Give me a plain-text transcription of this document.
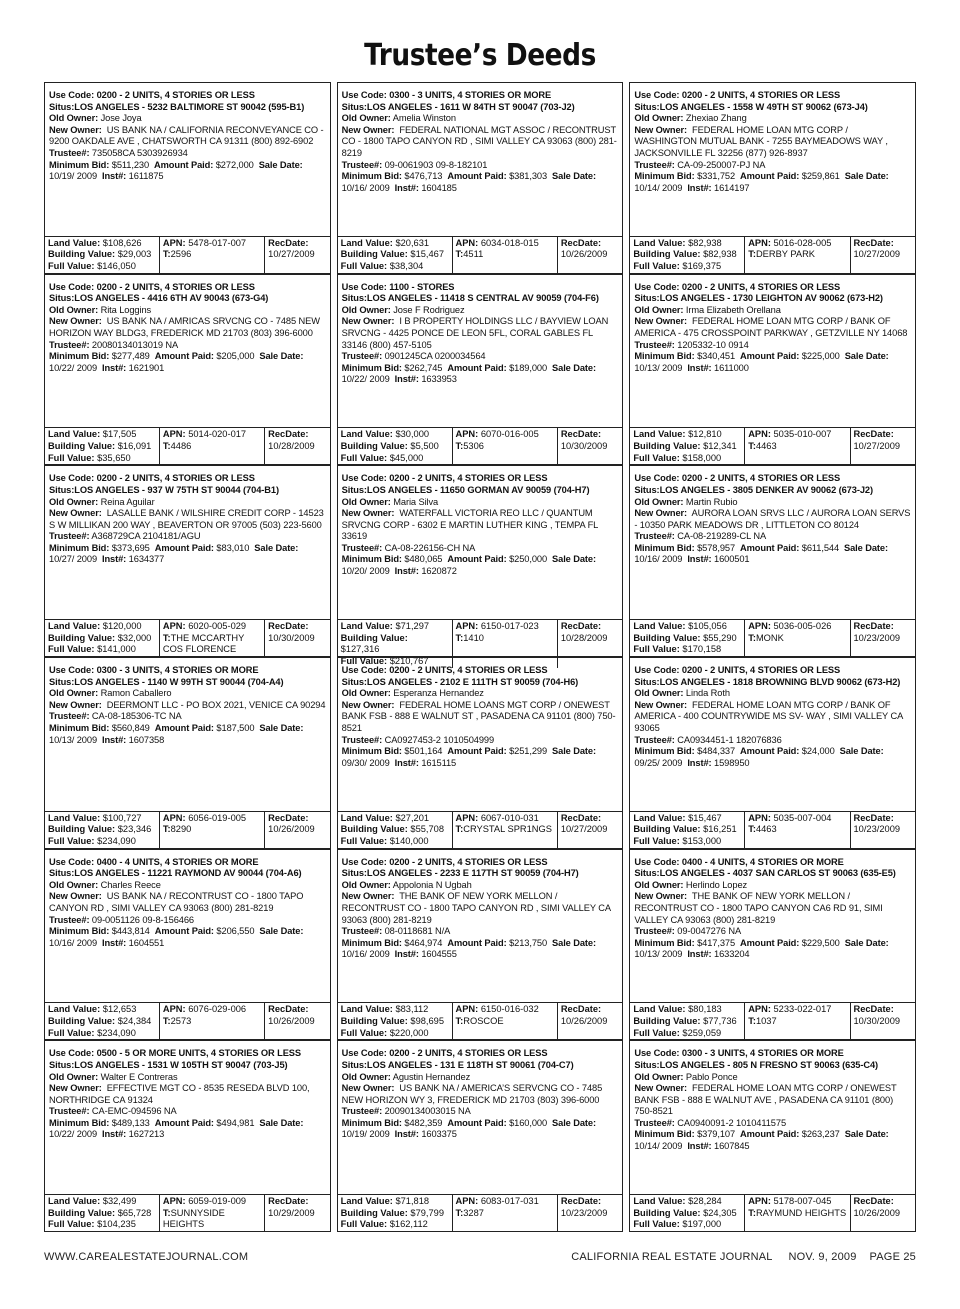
Trustee’s Deeds
Use Code: 0200 - 2 UNITS, 4 STORIES OR LESS
Situs:LOS ANGELES - 5232 BALTIMORE ST 90042 (595-B1)
Old Owner: Jose Joya
New Owner: US BANK NA / CALIFORNIA RECONVEYANCE CO - 9200 OAKDALE AVE , CHATSWORTH CA 91311 (800) 892-6902
Trustee#: 735058CA 5303926934
Minimum Bid: $511,230 Amount Paid: $272,000 Sale Date: 10/19/ 2009 Inst#: 1611875
Land Value: $108,626
Building Value: $29,003
Full Value: $146,050
APN: 5478-017-007
T:2596
RecDate:
10/27/2009
Use Code: 0300 - 3 UNITS, 4 STORIES OR MORE
Situs:LOS ANGELES - 1611 W 84TH ST 90047 (703-J2)
Old Owner: Amelia Winston
New Owner: FEDERAL NATIONAL MGT ASSOC / RECONTRUST CO - 1800 TAPO CANYON RD , SIMI VALLEY CA 93063 (800) 281-8219
Trustee#: 09-0061903 09-8-182101
Minimum Bid: $476,713 Amount Paid: $381,303 Sale Date: 10/16/ 2009 Inst#: 1604185
Land Value: $20,631
Building Value: $15,467
Full Value: $38,304
APN: 6034-018-015
T:4511
RecDate:
10/26/2009
Use Code: 0200 - 2 UNITS, 4 STORIES OR LESS
Situs:LOS ANGELES - 1558 W 49TH ST 90062 (673-J4)
Old Owner: Zhexiao Zhang
New Owner: FEDERAL HOME LOAN MTG CORP / WASHINGTON MUTUAL BANK - 7255 BAYMEADOWS WAY , JACKSONVILLE FL 32256 (877) 926-8937
Trustee#: CA-09-250007-PJ NA
Minimum Bid: $331,752 Amount Paid: $259,861 Sale Date: 10/14/ 2009 Inst#: 1614197
Land Value: $82,938
Building Value: $82,938
Full Value: $169,375
APN: 5016-028-005
T:DERBY PARK
RecDate:
10/27/2009
Use Code: 0200 - 2 UNITS, 4 STORIES OR LESS
Situs:LOS ANGELES - 4416 6TH AV 90043 (673-G4)
Old Owner: Rita Loggins
New Owner: US BANK NA / AMRICAS SRVCNG CO - 7485 NEW HORIZON WAY BLDG3, FREDERICK MD 21703 (803) 396-6000
Trustee#: 20080134013019 NA
Minimum Bid: $277,489 Amount Paid: $205,000 Sale Date: 10/22/ 2009 Inst#: 1621901
Land Value: $17,505
Building Value: $16,091
Full Value: $35,650
APN: 5014-020-017
T:4486
RecDate:
10/28/2009
Use Code: 1100 - STORES
Situs:LOS ANGELES - 11418 S CENTRAL AV 90059 (704-F6)
Old Owner: Jose F Rodriguez
New Owner: I B PROPERTY HOLDINGS LLC / BAYVIEW LOAN SRVCNG - 4425 PONCE DE LEON 5FL, CORAL GABLES FL 33146 (800) 457-5105
Trustee#: 0901245CA 0200034564
Minimum Bid: $262,745 Amount Paid: $189,000 Sale Date: 10/22/ 2009 Inst#: 1633953
Land Value: $30,000
Building Value: $5,500
Full Value: $45,000
APN: 6070-016-005
T:5306
RecDate:
10/30/2009
Use Code: 0200 - 2 UNITS, 4 STORIES OR LESS
Situs:LOS ANGELES - 1730 LEIGHTON AV 90062 (673-H2)
Old Owner: Irma Elizabeth Orellana
New Owner: FEDERAL HOME LOAN MTG CORP / BANK OF AMERICA - 475 CROSSPOINT PARKWAY , GETZVILLE NY 14068
Trustee#: 1205332-10 0914
Minimum Bid: $340,451 Amount Paid: $225,000 Sale Date: 10/13/ 2009 Inst#: 1611000
Land Value: $12,810
Building Value: $12,341
Full Value: $158,000
APN: 5035-010-007
T:4463
RecDate:
10/27/2009
Use Code: 0200 - 2 UNITS, 4 STORIES OR LESS
Situs:LOS ANGELES - 937 W 75TH ST 90044 (704-B1)
Old Owner: Reina Aguilar
New Owner: LASALLE BANK / WILSHIRE CREDIT CORP - 14523 S W MILLIKAN 200 WAY , BEAVERTON OR 97005 (503) 223-5600
Trustee#: A368729CA 2104181/AGU
Minimum Bid: $373,695 Amount Paid: $83,010 Sale Date: 10/27/ 2009 Inst#: 1634377
Land Value: $120,000
Building Value: $32,000
Full Value: $141,000
APN: 6020-005-029
T:THE MCCARTHY COS FLORENCE
RecDate:
10/30/2009
Use Code: 0200 - 2 UNITS, 4 STORIES OR LESS
Situs:LOS ANGELES - 11650 GORMAN AV 90059 (704-H7)
Old Owner: Maria Silva
New Owner: WATERFALL VICTORIA REO LLC / QUANTUM SRVCNG CORP - 6302 E MARTIN LUTHER KING , TEMPA FL 33619
Trustee#: CA-08-226156-CH NA
Minimum Bid: $480,065 Amount Paid: $250,000 Sale Date: 10/20/ 2009 Inst#: 1620872
Land Value: $71,297
Building Value: $127,316
Full Value: $210,767
APN: 6150-017-023
T:1410
RecDate:
10/28/2009
Use Code: 0200 - 2 UNITS, 4 STORIES OR LESS
Situs:LOS ANGELES - 3805 DENKER AV 90062 (673-J2)
Old Owner: Martin Rubio
New Owner: AURORA LOAN SRVS LLC / AURORA LOAN SERVS - 10350 PARK MEADOWS DR , LITTLETON CO 80124
Trustee#: CA-08-219289-CL NA
Minimum Bid: $578,957 Amount Paid: $611,544 Sale Date: 10/16/ 2009 Inst#: 1600501
Land Value: $105,056
Building Value: $55,290
Full Value: $170,158
APN: 5036-005-026
T:MONK
RecDate:
10/23/2009
Use Code: 0300 - 3 UNITS, 4 STORIES OR MORE
Situs:LOS ANGELES - 1140 W 99TH ST 90044 (704-A4)
Old Owner: Ramon Caballero
New Owner: DEERMONT LLC - PO BOX 2021, VENICE CA 90294
Trustee#: CA-08-185306-TC NA
Minimum Bid: $560,849 Amount Paid: $187,500 Sale Date: 10/13/ 2009 Inst#: 1607358
Land Value: $100,727
Building Value: $23,346
Full Value: $234,090
APN: 6056-019-005
T:8290
RecDate:
10/26/2009
Use Code: 0200 - 2 UNITS, 4 STORIES OR LESS
Situs:LOS ANGELES - 2102 E 111TH ST 90059 (704-H6)
Old Owner: Esperanza Hernandez
New Owner: FEDERAL HOME LOANS MGT CORP / ONEWEST BANK FSB - 888 E WALNUT ST , PASADENA CA 91101 (800) 750-8521
Trustee#: CA0927453-2 1010504999
Minimum Bid: $501,164 Amount Paid: $251,299 Sale Date: 09/30/ 2009 Inst#: 1615115
Land Value: $27,201
Building Value: $55,708
Full Value: $140,000
APN: 6067-010-031
T:CRYSTAL SPR1NGS
RecDate:
10/27/2009
Use Code: 0200 - 2 UNITS, 4 STORIES OR LESS
Situs:LOS ANGELES - 1818 BROWNING BLVD 90062 (673-H2)
Old Owner: Linda Roth
New Owner: FEDERAL HOME LOAN MTG CORP / BANK OF AMERICA - 400 COUNTRYWIDE MS SV- WAY , SIMI VALLEY CA 93065
Trustee#: CA0934451-1 182076836
Minimum Bid: $484,337 Amount Paid: $24,000 Sale Date: 09/25/ 2009 Inst#: 1598950
Land Value: $15,467
Building Value: $16,251
Full Value: $153,000
APN: 5035-007-004
T:4463
RecDate:
10/23/2009
Use Code: 0400 - 4 UNITS, 4 STORIES OR MORE
Situs:LOS ANGELES - 11221 RAYMOND AV 90044 (704-A6)
Old Owner: Charles Reece
New Owner: US BANK NA / RECONTRUST CO - 1800 TAPO CANYON RD , SIMI VALLEY CA 93063 (800) 281-8219
Trustee#: 09-0051126 09-8-156466
Minimum Bid: $443,814 Amount Paid: $206,550 Sale Date: 10/16/ 2009 Inst#: 1604551
Land Value: $12,653
Building Value: $24,384
Full Value: $234,090
APN: 6076-029-006
T:2573
RecDate:
10/26/2009
Use Code: 0200 - 2 UNITS, 4 STORIES OR LESS
Situs:LOS ANGELES - 2233 E 117TH ST 90059 (704-H7)
Old Owner: Appolonia N Ugbah
New Owner: THE BANK OF NEW YORK MELLON / RECONTRUST CO - 1800 TAPO CANYON RD , SIMI VALLEY CA 93063 (800) 281-8219
Trustee#: 08-0118681 N/A
Minimum Bid: $464,974 Amount Paid: $213,750 Sale Date: 10/16/ 2009 Inst#: 1604555
Land Value: $83,112
Building Value: $98,695
Full Value: $220,000
APN: 6150-016-032
T:ROSCOE
RecDate:
10/26/2009
Use Code: 0400 - 4 UNITS, 4 STORIES OR MORE
Situs:LOS ANGELES - 4037 SAN CARLOS ST 90063 (635-E5)
Old Owner: Herlindo Lopez
New Owner: THE BANK OF NEW YORK MELLON / RECONTRUST CO - 1800 TAPO CANYON CA6 RD 91, SIMI VALLEY CA 93063 (800) 281-8219
Trustee#: 09-0047276 NA
Minimum Bid: $417,375 Amount Paid: $229,500 Sale Date: 10/13/ 2009 Inst#: 1633204
Land Value: $80,183
Building Value: $77,736
Full Value: $259,059
APN: 5233-022-017
T:1037
RecDate:
10/30/2009
Use Code: 0500 - 5 OR MORE UNITS, 4 STORIES OR LESS
Situs:LOS ANGELES - 1531 W 105TH ST 90047 (703-J5)
Old Owner: Walter E Contreras
New Owner: EFFECTIVE MGT CO - 8535 RESEDA BLVD 100, NORTHRIDGE CA 91324
Trustee#: CA-EMC-094596 NA
Minimum Bid: $489,133 Amount Paid: $494,981 Sale Date: 10/22/ 2009 Inst#: 1627213
Land Value: $32,499
Building Value: $65,728
Full Value: $104,235
APN: 6059-019-009
T:SUNNYSIDE HEIGHTS
RecDate:
10/29/2009
Use Code: 0200 - 2 UNITS, 4 STORIES OR LESS
Situs:LOS ANGELES - 131 E 118TH ST 90061 (704-C7)
Old Owner: Agustin Hernandez
New Owner: US BANK NA / AMERICA’S SERVCNG CO - 7485 NEW HORIZON WY 3, FREDERICK MD 21703 (803) 396-6000
Trustee#: 20090134003015 NA
Minimum Bid: $482,359 Amount Paid: $160,000 Sale Date: 10/19/ 2009 Inst#: 1603375
Land Value: $71,818
Building Value: $79,799
Full Value: $162,112
APN: 6083-017-031
T:3287
RecDate:
10/23/2009
Use Code: 0300 - 3 UNITS, 4 STORIES OR MORE
Situs:LOS ANGELES - 805 N FRESNO ST 90063 (635-C4)
Old Owner: Pablo Ponce
New Owner: FEDERAL HOME LOAN MTG CORP / ONEWEST BANK FSB - 888 E WALNUT AVE , PASADENA CA 91101 (800) 750-8521
Trustee#: CA0940091-2 1010411575
Minimum Bid: $379,107 Amount Paid: $263,237 Sale Date: 10/14/ 2009 Inst#: 1607845
Land Value: $28,284
Building Value: $24,305
Full Value: $197,000
APN: 5178-007-045
T:RAYMUND HEIGHTS
RecDate:
10/26/2009
WWW.CAREALESTATEJOURNAL.COM	CALIFORNIA REAL ESTATE JOURNAL     NOV. 9, 2009    PAGE 25
